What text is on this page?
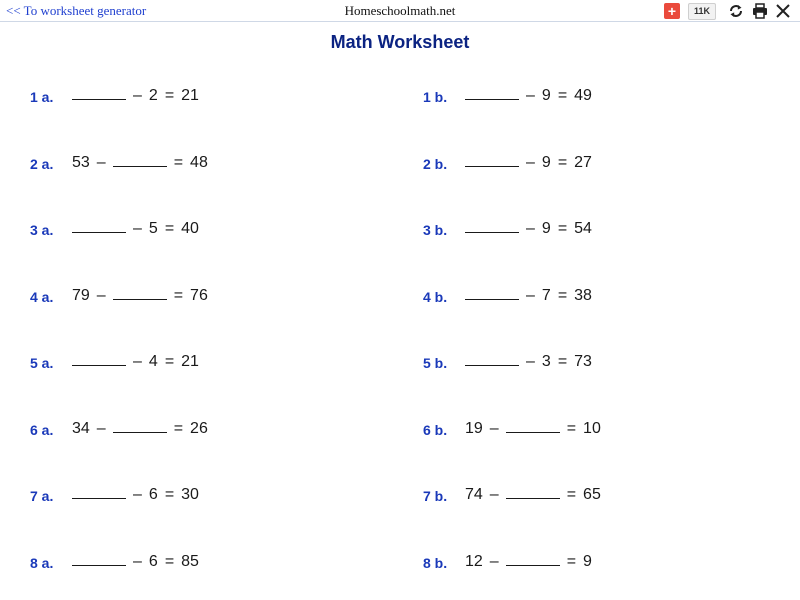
<< To worksheet generator	Homeschoolmath.net	+	11K
Math Worksheet
1 a.	– 2 = 21	1 b.	– 9 = 49
2 a. 53 –	= 48	2 b.	– 9 = 27
3 a.	– 5 = 40	3 b.	– 9 = 54
4 a. 79 –	= 76	4 b.	– 7 = 38
5 a.	– 4 = 21	5 b.	– 3 = 73
6 a. 34 –	= 26	6 b. 19 –	= 10
7 a.	– 6 = 30	7 b. 74 –	= 65
8 a.	– 6 = 85	8 b. 12 –	= 9
